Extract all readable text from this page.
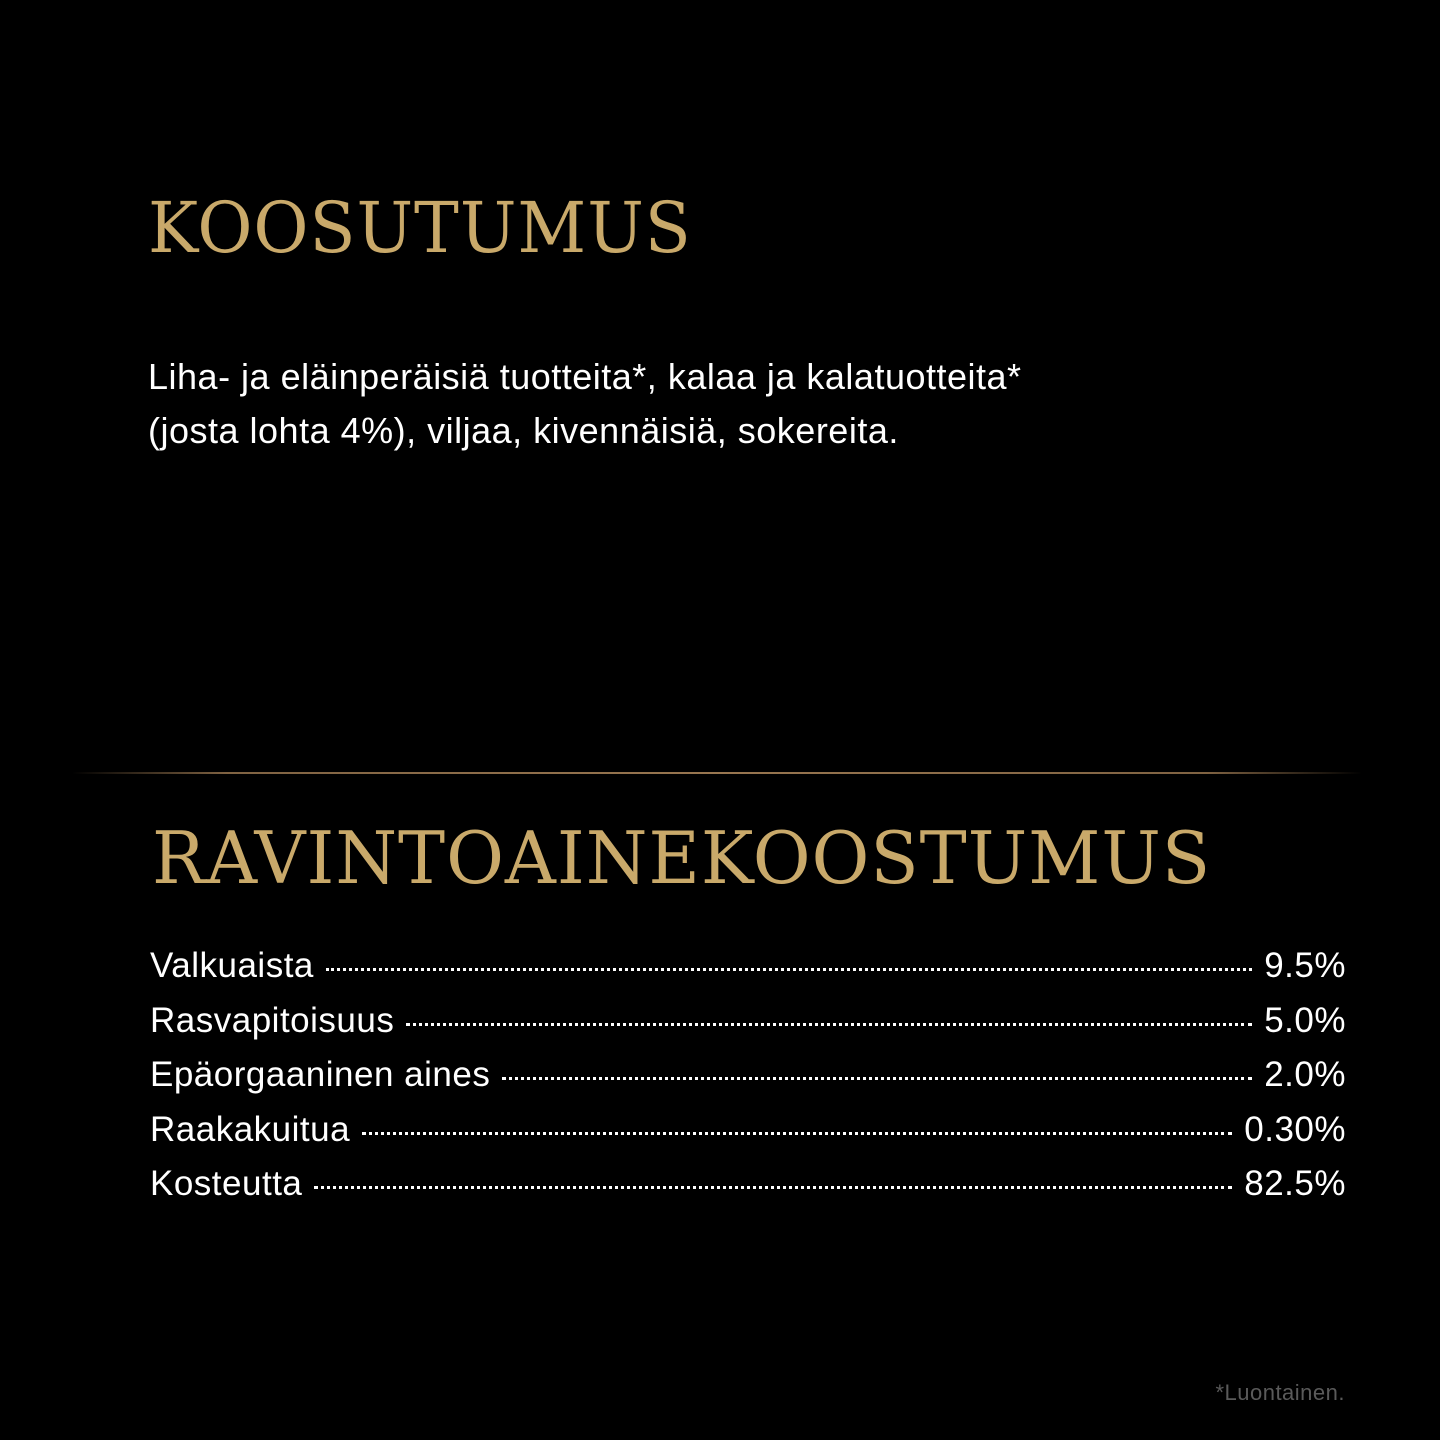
KOOSUTUMUS

Liha- ja eläinperäisiä tuotteita*, kalaa ja kalatuotteita*
(josta lohta 4%), viljaa, kivennäisiä, sokereita.

RAVINTOAINEKOOSTUMUS
Valkuaista	9.5%
Rasvapitoisuus	5.0%
Epäorgaaninen aines	2.0%
Raakakuitua	0.30%
Kosteutta	82.5%
*Luontainen.
